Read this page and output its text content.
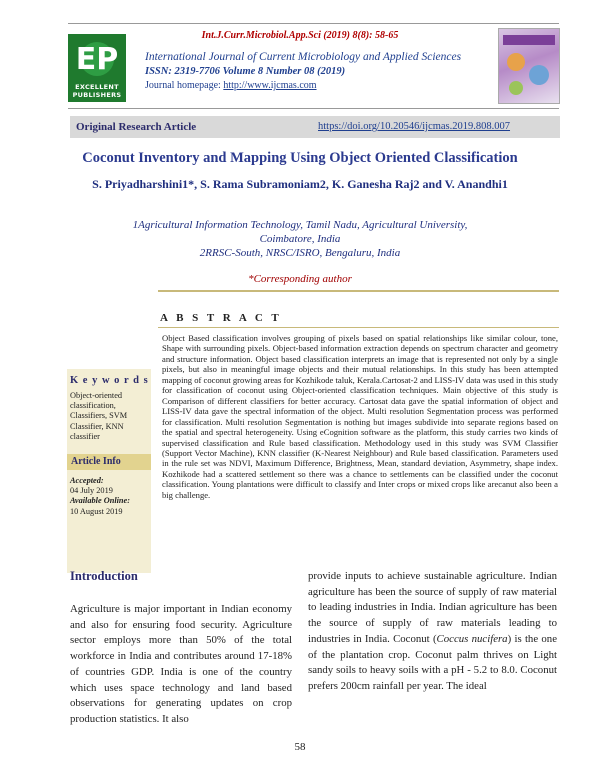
Int.J.Curr.Microbiol.App.Sci (2019) 8(8): 58-65
EP
EXCELLENT PUBLISHERS
International Journal of Current Microbiology and Applied Sciences
ISSN: 2319-7706 Volume 8 Number 08 (2019)
Journal homepage: http://www.ijcmas.com
Original Research Article	https://doi.org/10.20546/ijcmas.2019.808.007
Coconut Inventory and Mapping Using Object Oriented Classification
S. Priyadharshini1*, S. Rama Subramoniam2, K. Ganesha Raj2 and V. Anandhi1
1Agricultural Information Technology, Tamil Nadu, Agricultural University,
Coimbatore, India
2RRSC-South, NRSC/ISRO, Bengaluru, India
*Corresponding author
A B S T R A C T
Object Based classification involves grouping of pixels based on spatial relationships like similar colour, tone, Shape with surrounding pixels. Object-based information extraction depends on spectrum character and geometry and structure information. Object based classification interprets an image that is represented not only by a single pixels, but also in meaningful image objects and their mutual relationships. In this study has been attempted mapping of coconut growing areas for Kozhikode taluk, Kerala.Cartosat-2 and LISS-IV data was used in this study for classification of coconut using Object-oriented classification techniques. Main objective of this study is Comparison of different classifiers for better accuracy. Cartosat data gave the spatial information of object and LISS-IV data gave the spectral information of the object. Multi resolution Segmentation process was performed for classification. Multi resolution Segmentation is nothing but images subdivide into separate regions based on the spatial and spectral heterogeneity. Using eCognition software as the platform, this study carries two kinds of supervised classification and Rule based classification. Methodology used in this study was SVM Classifier (Support Vector Machine), KNN classifier (K-Nearest Neighbour) and Rule based classification. Parameters used in the rule set was NDVI, Maximum Difference, Brightness, Mean, standard deviation, Asymmetry, shape index. Kozhikode had a scattered settlement so there was a chance to settlements can be classified under the coconut classification. Young plantations were difficult to classify and Inter crops or mixed crops like arecanut also been a big challenge.
K e y w o r d s
Object-oriented classification, Classifiers, SVM Classifier, KNN classifier
Article Info
Accepted:
04 July 2019
Available Online:
10 August 2019
Introduction
Agriculture is major important in Indian economy and also for ensuring food security. Agriculture sector employs more than 50% of the total workforce in India and contributes around 17-18% of countries GDP. India is one of the country which uses space technology and land based observations for generating updates on crop production statistics. It also
provide inputs to achieve sustainable agriculture. Indian agriculture has been the source of supply of raw material to leading industries in India. Indian agriculture has been the source of supply of raw materials leading to industries in India. Coconut (Coccus nucifera) is the one of the plantation crop. Coconut palm thrives on Light sandy soils to heavy soils with a pH - 5.2 to 8.0. Coconut prefers 200cm rainfall per year. The ideal
58
